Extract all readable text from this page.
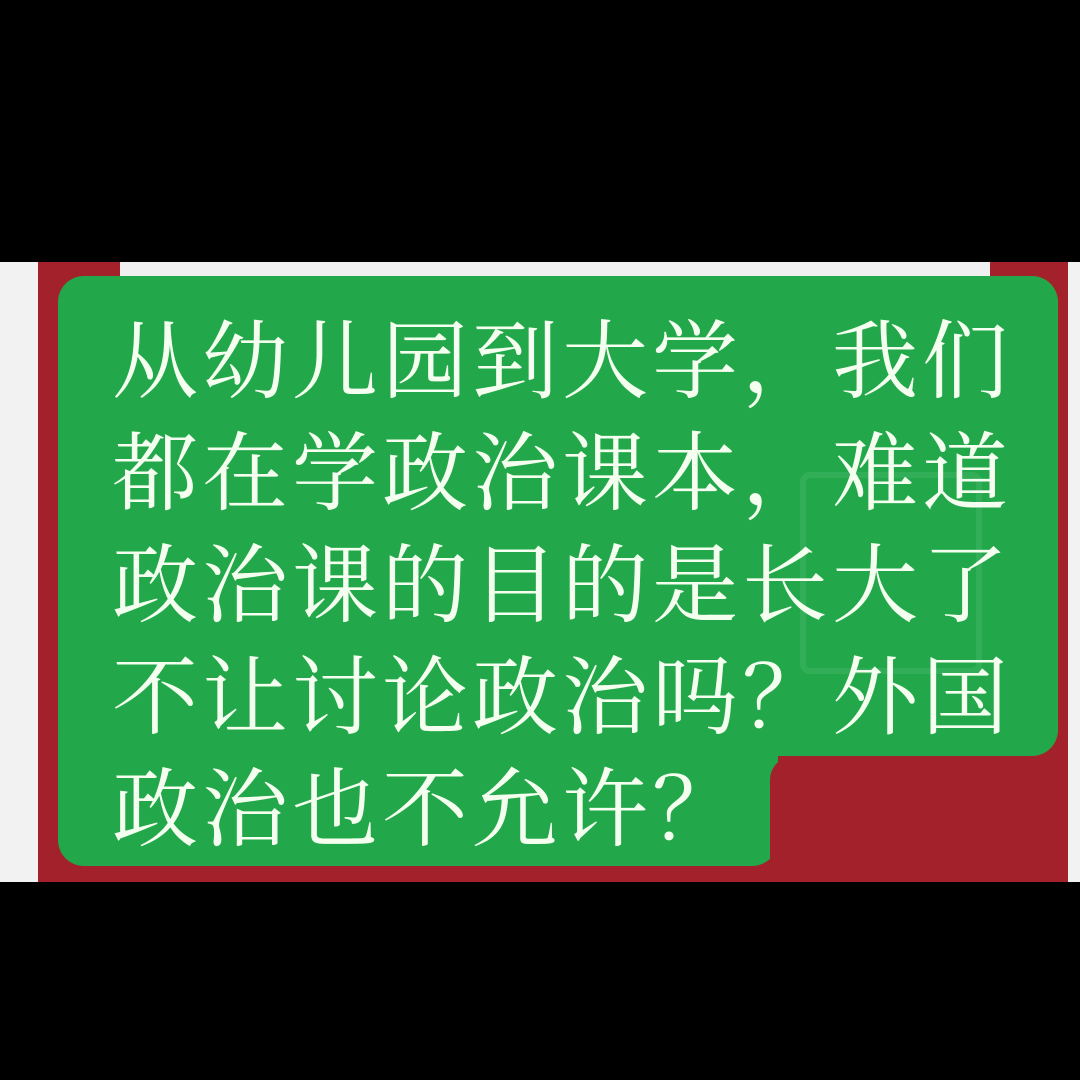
从幼儿园到大学，我们
都在学政治课本，难道
政治课的目的是长大了
不让讨论政治吗？外国
政治也不允许？
